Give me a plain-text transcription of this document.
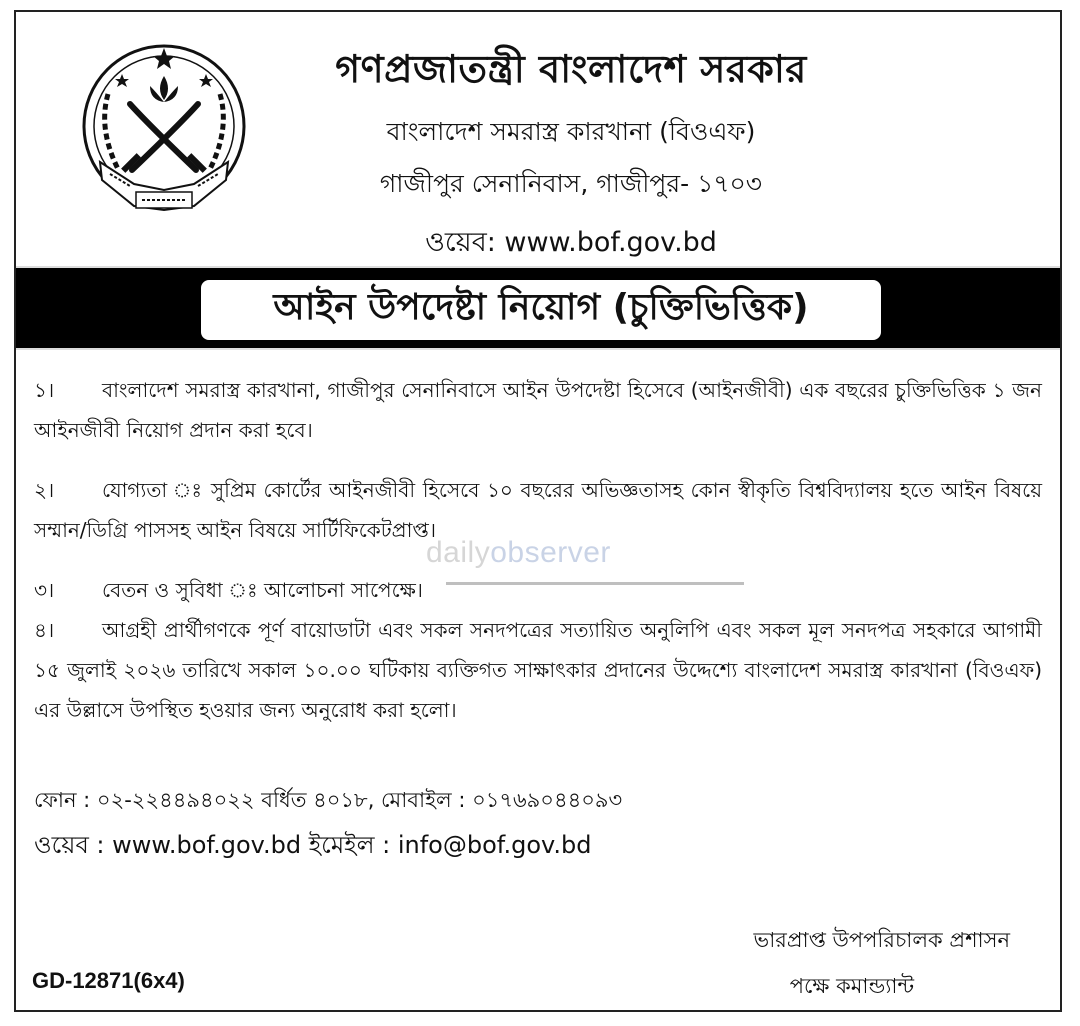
গণপ্রজাতন্ত্রী বাংলাদেশ সরকার
বাংলাদেশ সমরাস্ত্র কারখানা (বিওএফ)
গাজীপুর সেনানিবাস, গাজীপুর- ১৭০৩
ওয়েব: www.bof.gov.bd
আইন উপদেষ্টা নিয়োগ (চুক্তিভিত্তিক)

১। বাংলাদেশ সমরাস্ত্র কারখানা, গাজীপুর সেনানিবাসে আইন উপদেষ্টা হিসেবে (আইনজীবী) এক বছরের চুক্তিভিত্তিক ১ জন আইনজীবী নিয়োগ প্রদান করা হবে।

২। যোগ্যতা ঃ সুপ্রিম কোর্টের আইনজীবী হিসেবে ১০ বছরের অভিজ্ঞতাসহ কোন স্বীকৃতি বিশ্ববিদ্যালয় হতে আইন বিষয়ে সম্মান/ডিগ্রি পাসসহ আইন বিষয়ে সার্টিফিকেটপ্রাপ্ত।

৩। বেতন ও সুবিধা ঃ আলোচনা সাপেক্ষে।

৪। আগ্রহী প্রার্থীগণকে পূর্ণ বায়োডাটা এবং সকল সনদপত্রের সত্যায়িত অনুলিপি এবং সকল মূল সনদপত্র সহকারে আগামী ১৫ জুলাই ২০২৬ তারিখে সকাল ১০.০০ ঘটিকায় ব্যক্তিগত সাক্ষাৎকার প্রদানের উদ্দেশ্যে বাংলাদেশ সমরাস্ত্র কারখানা (বিওএফ) এর উল্লাসে উপস্থিত হওয়ার জন্য অনুরোধ করা হলো।

dailyobserver
ফোন : ০২-২২৪৪৯৪০২২ বর্ধিত ৪০১৮, মোবাইল : ০১৭৬৯০৪৪০৯৩
ওয়েব : www.bof.gov.bd ইমেইল : info@bof.gov.bd
ভারপ্রাপ্ত উপপরিচালক প্রশাসন
পক্ষে কমান্ড্যান্ট
GD-12871(6x4)
